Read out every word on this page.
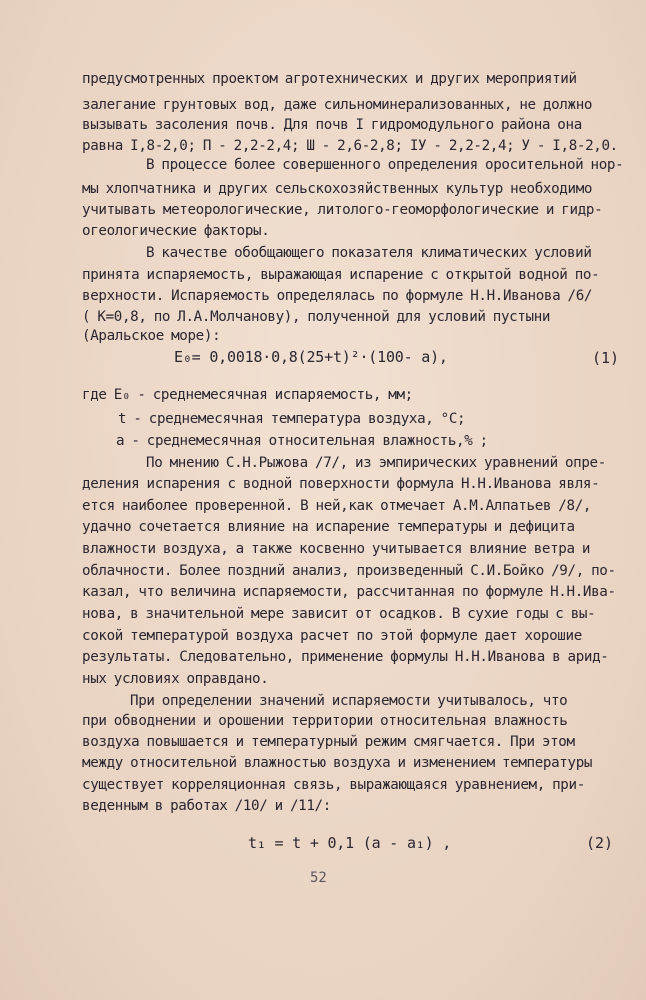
предусмотренных проектом агротехнических и других мероприятий
залегание грунтовых вод, даже сильноминерализованных, не должно
вызывать засоления почв. Для почв I гидромодульного района она
равна I,8-2,0; П - 2,2-2,4; Ш - 2,6-2,8; IУ - 2,2-2,4; У - I,8-2,0.
В процессе более совершенного определения оросительной нор-
мы хлопчатника и других сельскохозяйственных культур необходимо
учитывать метеорологические, литолого-геоморфологические и гидр-
огеологические факторы.
В качестве обобщающего показателя климатических условий
принята испаряемость, выражающая испарение с открытой водной по-
верхности. Испаряемость определялась по формуле Н.Н.Иванова /6/
( К=0,8, по Л.А.Молчанову), полученной для условий пустыни
(Аральское море):
E₀= 0,0018·0,8(25+t)²·(100- a),	(1)
где E₀ - среднемесячная испаряемость, мм;
t - среднемесячная температура воздуха, °C;
a - среднемесячная относительная влажность,% ;
По мнению С.Н.Рыжова /7/, из эмпирических уравнений опре-
деления испарения с водной поверхности формула Н.Н.Иванова явля-
ется наиболее проверенной. В ней,как отмечает А.М.Алпатьев /8/,
удачно сочетается влияние на испарение температуры и дефицита
влажности воздуха, а также косвенно учитывается влияние ветра и
облачности. Более поздний анализ, произведенный С.И.Бойко /9/, по-
казал, что величина испаряемости, рассчитанная по формуле Н.Н.Ива-
нова, в значительной мере зависит от осадков. В сухие годы с вы-
сокой температурой воздуха расчет по этой формуле дает хорошие
результаты. Следовательно, применение формулы Н.Н.Иванова в арид-
ных условиях оправдано.
При определении значений испаряемости учитывалось, что
при обводнении и орошении территории относительная влажность
воздуха повышается и температурный режим смягчается. При этом
между относительной влажностью воздуха и изменением температуры
существует корреляционная связь, выражающаяся уравнением, при-
t₁ = t + 0,1 (a - a₁) ,	(2)
52
веденным в работах /10/ и /11/:
